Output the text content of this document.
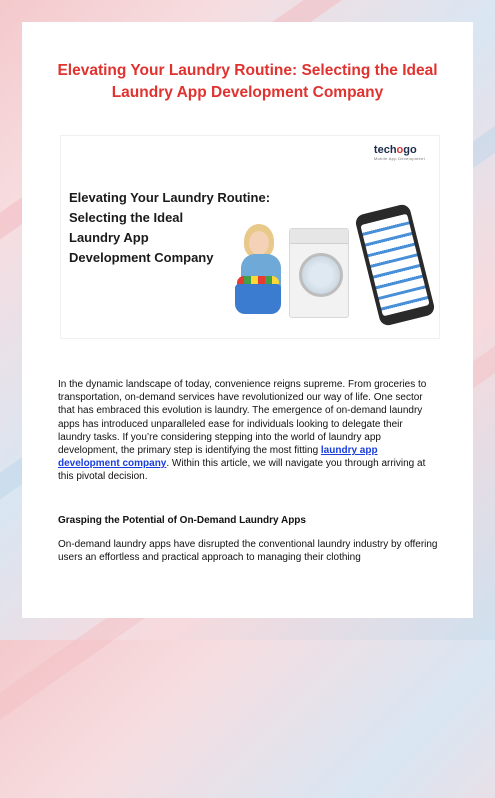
Elevating Your Laundry Routine: Selecting the Ideal Laundry App Development Company
techogo
Mobile App Development

Elevating Your Laundry Routine:
Selecting the Ideal
Laundry App
Development Company

In the dynamic landscape of today, convenience reigns supreme. From groceries to transportation, on-demand services have revolutionized our way of life. One sector that has embraced this evolution is laundry. The emergence of on-demand laundry apps has introduced unparalleled ease for individuals looking to delegate their laundry tasks. If you’re considering stepping into the world of laundry app development, the primary step is identifying the most fitting laundry app development company. Within this article, we will navigate you through arriving at this pivotal decision.

Grasping the Potential of On-Demand Laundry Apps

On-demand laundry apps have disrupted the conventional laundry industry by offering users an effortless and practical approach to managing their clothing
